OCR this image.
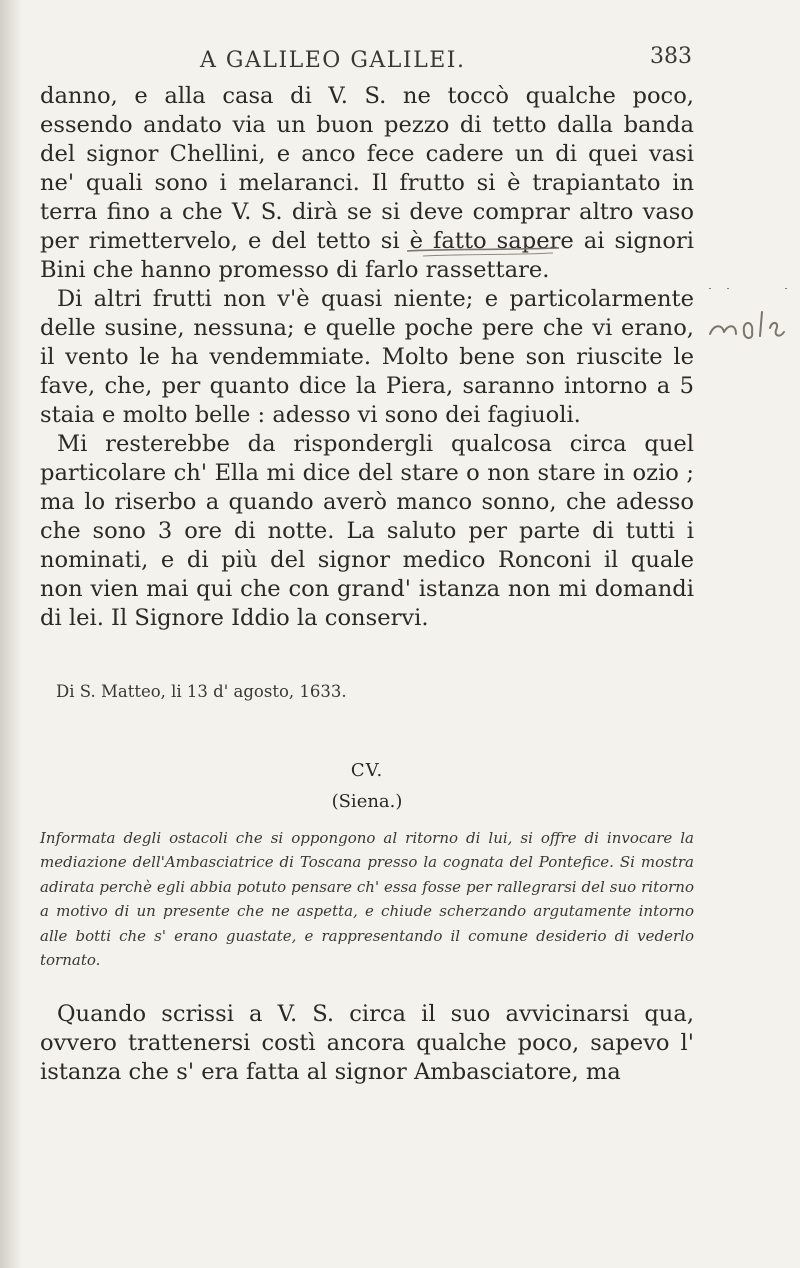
A GALILEO GALILEI.	383

danno, e alla casa di V. S. ne toccò qualche poco, essendo andato via un buon pezzo di tetto dalla banda del signor Chellini, e anco fece cadere un di quei vasi ne' quali sono i melaranci. Il frutto si è trapiantato in terra fino a che V. S. dirà se si deve comprar altro vaso per rimettervelo, e del tetto si è fatto sapere ai signori Bini che hanno promesso di farlo rassettare.

Di altri frutti non v'è quasi niente; e particolarmente delle susine, nessuna; e quelle poche pere che vi erano, il vento le ha vendemmiate. Molto bene son riuscite le fave, che, per quanto dice la Piera, saranno intorno a 5 staia e molto belle : adesso vi sono dei fagiuoli.

Mi resterebbe da rispondergli qualcosa circa quel particolare ch' Ella mi dice del stare o non stare in ozio ; ma lo riserbo a quando averò manco sonno, che adesso che sono 3 ore di notte. La saluto per parte di tutti i nominati, e di più del signor medico Ronconi il quale non vien mai qui che con grand' istanza non mi domandi di lei. Il Signore Iddio la conservi.

Di S. Matteo, li 13 d' agosto, 1633.
CV.
(Siena.)

Informata degli ostacoli che si oppongono al ritorno di lui, si offre di invocare la mediazione dell'Ambasciatrice di Toscana presso la cognata del Pontefice. Si mostra adirata perchè egli abbia potuto pensare ch' essa fosse per rallegrarsi del suo ritorno a motivo di un presente che ne aspetta, e chiude scherzando argutamente intorno alle botti che s' erano guastate, e rappresentando il comune desiderio di vederlo tornato.

Quando scrissi a V. S. circa il suo avvicinarsi qua, ovvero trattenersi costì ancora qualche poco, sapevo l' istanza che s' era fatta al signor Ambasciatore, ma
